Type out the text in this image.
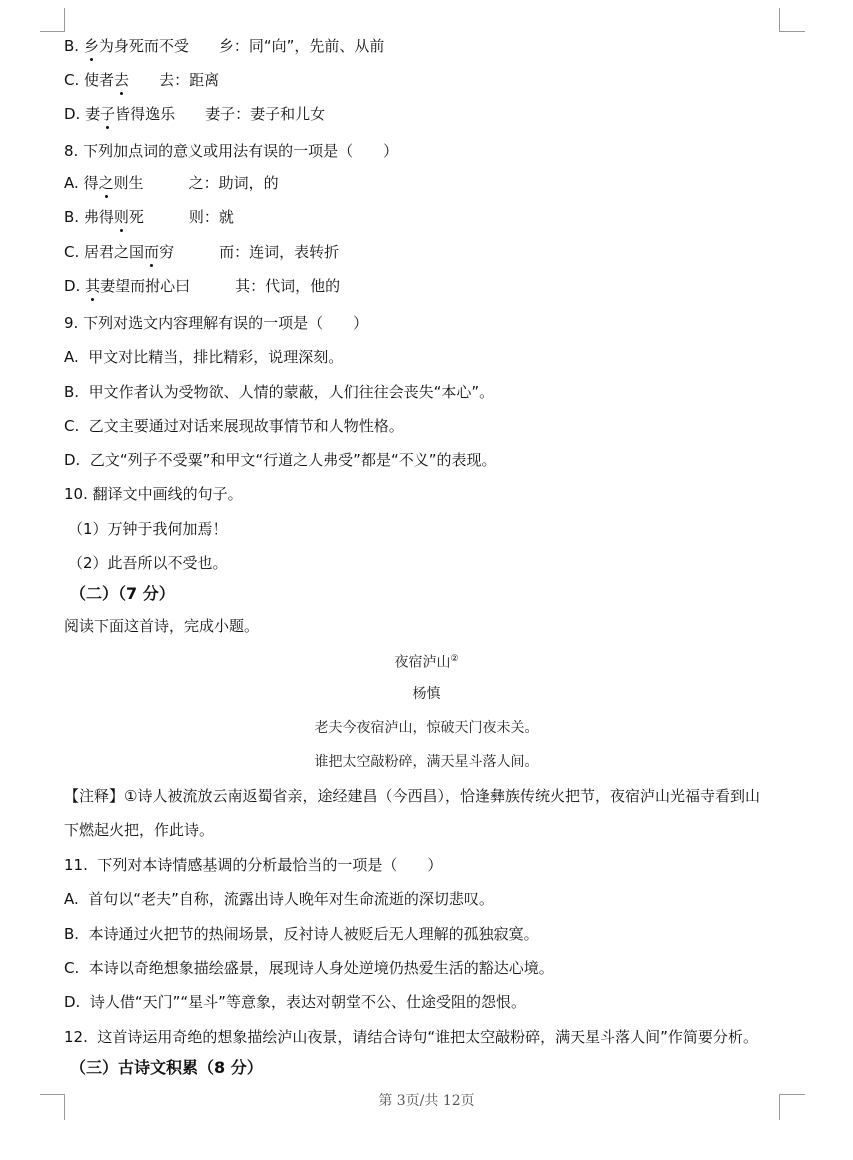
B. 乡为身死而不受　　 乡：同“向”，先前、从前
C. 使者去　　 去：距离
D. 妻子皆得逸乐　　 妻子：妻子和儿女
8. 下列加点词的意义或用法有误的一项是（　　）
A. 得之则生　　　	之：助词，的
B. 弗得则死　　　	则：就
C. 居君之国而穷　　　	而：连词，表转折
D. 其妻望而拊心曰　　　	其：代词，他的
9. 下列对选文内容理解有误的一项是（　　）
A.  甲文对比精当，排比精彩，说理深刻。
B.  甲文作者认为受物欲、人情的蒙蔽，人们往往会丧失“本心”。
C.  乙文主要通过对话来展现故事情节和人物性格。
D.  乙文“列子不受粟”和甲文“行道之人弗受”都是“不义”的表现。
10. 翻译文中画线的句子。
（1）万钟于我何加焉！
（2）此吾所以不受也。
（二）（7 分）
阅读下面这首诗，完成小题。
夜宿泸山②
杨慎
老夫今夜宿泸山，惊破天门夜未关。
谁把太空敲粉碎，满天星斗落人间。
【注释】①诗人被流放云南返蜀省亲，途经建昌（今西昌），恰逢彝族传统火把节，夜宿泸山光福寺看到山
下燃起火把，作此诗。
11.  下列对本诗情感基调的分析最恰当的一项是（　　）
A.  首句以“老夫”自称，流露出诗人晚年对生命流逝的深切悲叹。
B.  本诗通过火把节的热闹场景，反衬诗人被贬后无人理解的孤独寂寞。
C.  本诗以奇绝想象描绘盛景，展现诗人身处逆境仍热爱生活的豁达心境。
D.  诗人借“天门”“星斗”等意象，表达对朝堂不公、仕途受阻的怨恨。
12.  这首诗运用奇绝的想象描绘泸山夜景，请结合诗句“谁把太空敲粉碎，满天星斗落人间”作简要分析。
（三）古诗文积累（8 分）
第 3页/共 12页
